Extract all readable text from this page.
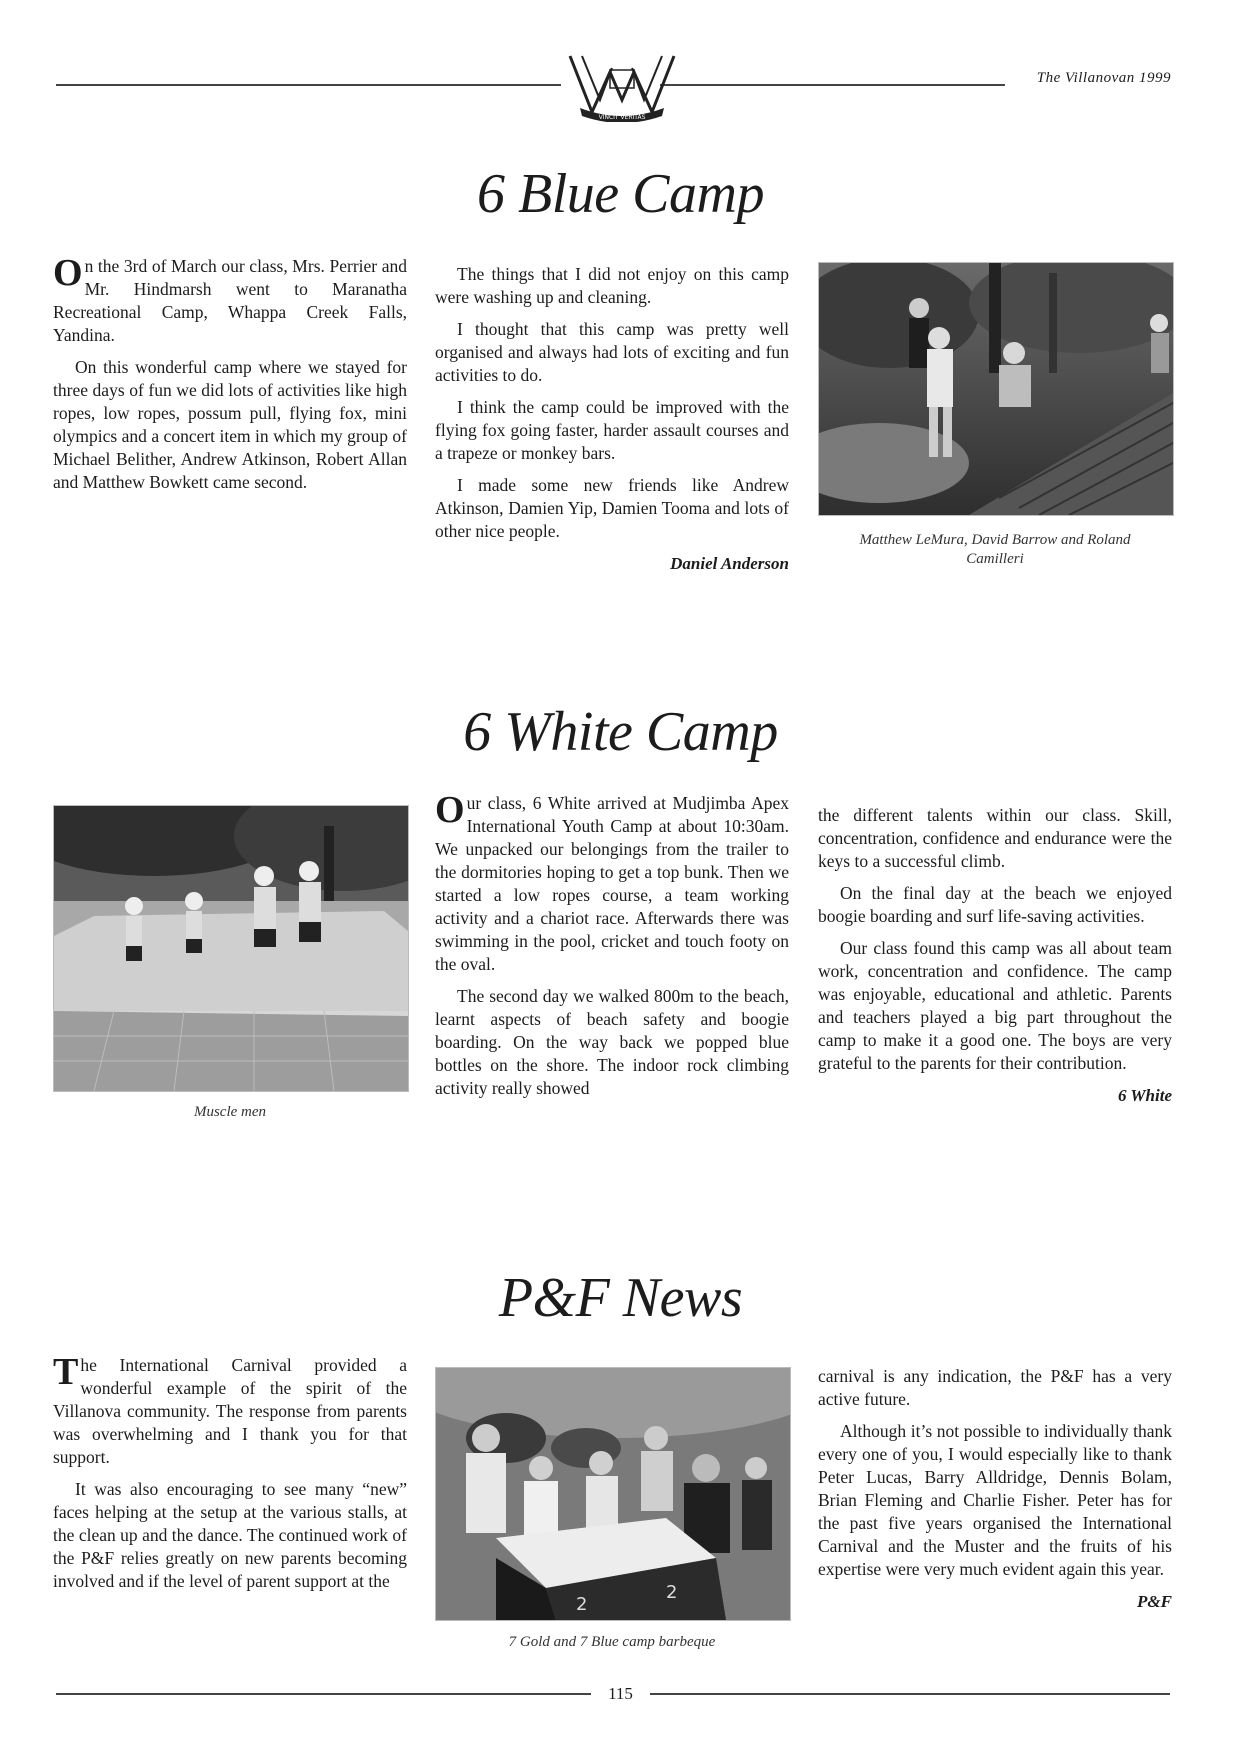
The Villanovan 1999
VINCIT VERITAS
6 Blue Camp

On the 3rd of March our class, Mrs. Perrier and Mr. Hindmarsh went to Maranatha Recreational Camp, Whappa Creek Falls, Yandina.

On this wonderful camp where we stayed for three days of fun we did lots of activities like high ropes, low ropes, possum pull, flying fox, mini olympics and a concert item in which my group of Michael Belither, Andrew Atkinson, Robert Allan and Matthew Bowkett came second.

The things that I did not enjoy on this camp were washing up and cleaning.

I thought that this camp was pretty well organised and always had lots of exciting and fun activities to do.

I think the camp could be improved with the flying fox going faster, harder assault courses and a trapeze or monkey bars.

I made some new friends like Andrew Atkinson, Damien Yip, Damien Tooma and lots of other nice people.

Daniel Anderson
Matthew LeMura, David Barrow and Roland Camilleri
6 White Camp
Muscle men

Our class, 6 White arrived at Mudjimba Apex International Youth Camp at about 10:30am. We unpacked our belongings from the trailer to the dormitories hoping to get a top bunk. Then we started a low ropes course, a team working activity and a chariot race. Afterwards there was swimming in the pool, cricket and touch footy on the oval.

The second day we walked 800m to the beach, learnt aspects of beach safety and boogie boarding. On the way back we popped blue bottles on the shore. The indoor rock climbing activity really showed

the different talents within our class. Skill, concentration, confidence and endurance were the keys to a successful climb.

On the final day at the beach we enjoyed boogie boarding and surf life-saving activities.

Our class found this camp was all about team work, concentration and confidence. The camp was enjoyable, educational and athletic. Parents and teachers played a big part throughout the camp to make it a good one. The boys are very grateful to the parents for their contribution.

6 White
P&F News

The International Carnival provided a wonderful example of the spirit of the Villanova community. The response from parents was overwhelming and I thank you for that support.

It was also encouraging to see many “new” faces helping at the setup at the various stalls, at the clean up and the dance. The continued work of the P&F relies greatly on new parents becoming involved and if the level of parent support at the

2
2
7 Gold and 7 Blue camp barbeque

carnival is any indication, the P&F has a very active future.

Although it’s not possible to individually thank every one of you, I would especially like to thank Peter Lucas, Barry Alldridge, Dennis Bolam, Brian Fleming and Charlie Fisher. Peter has for the past five years organised the International Carnival and the Muster and the fruits of his expertise were very much evident again this year.

P&F
115
